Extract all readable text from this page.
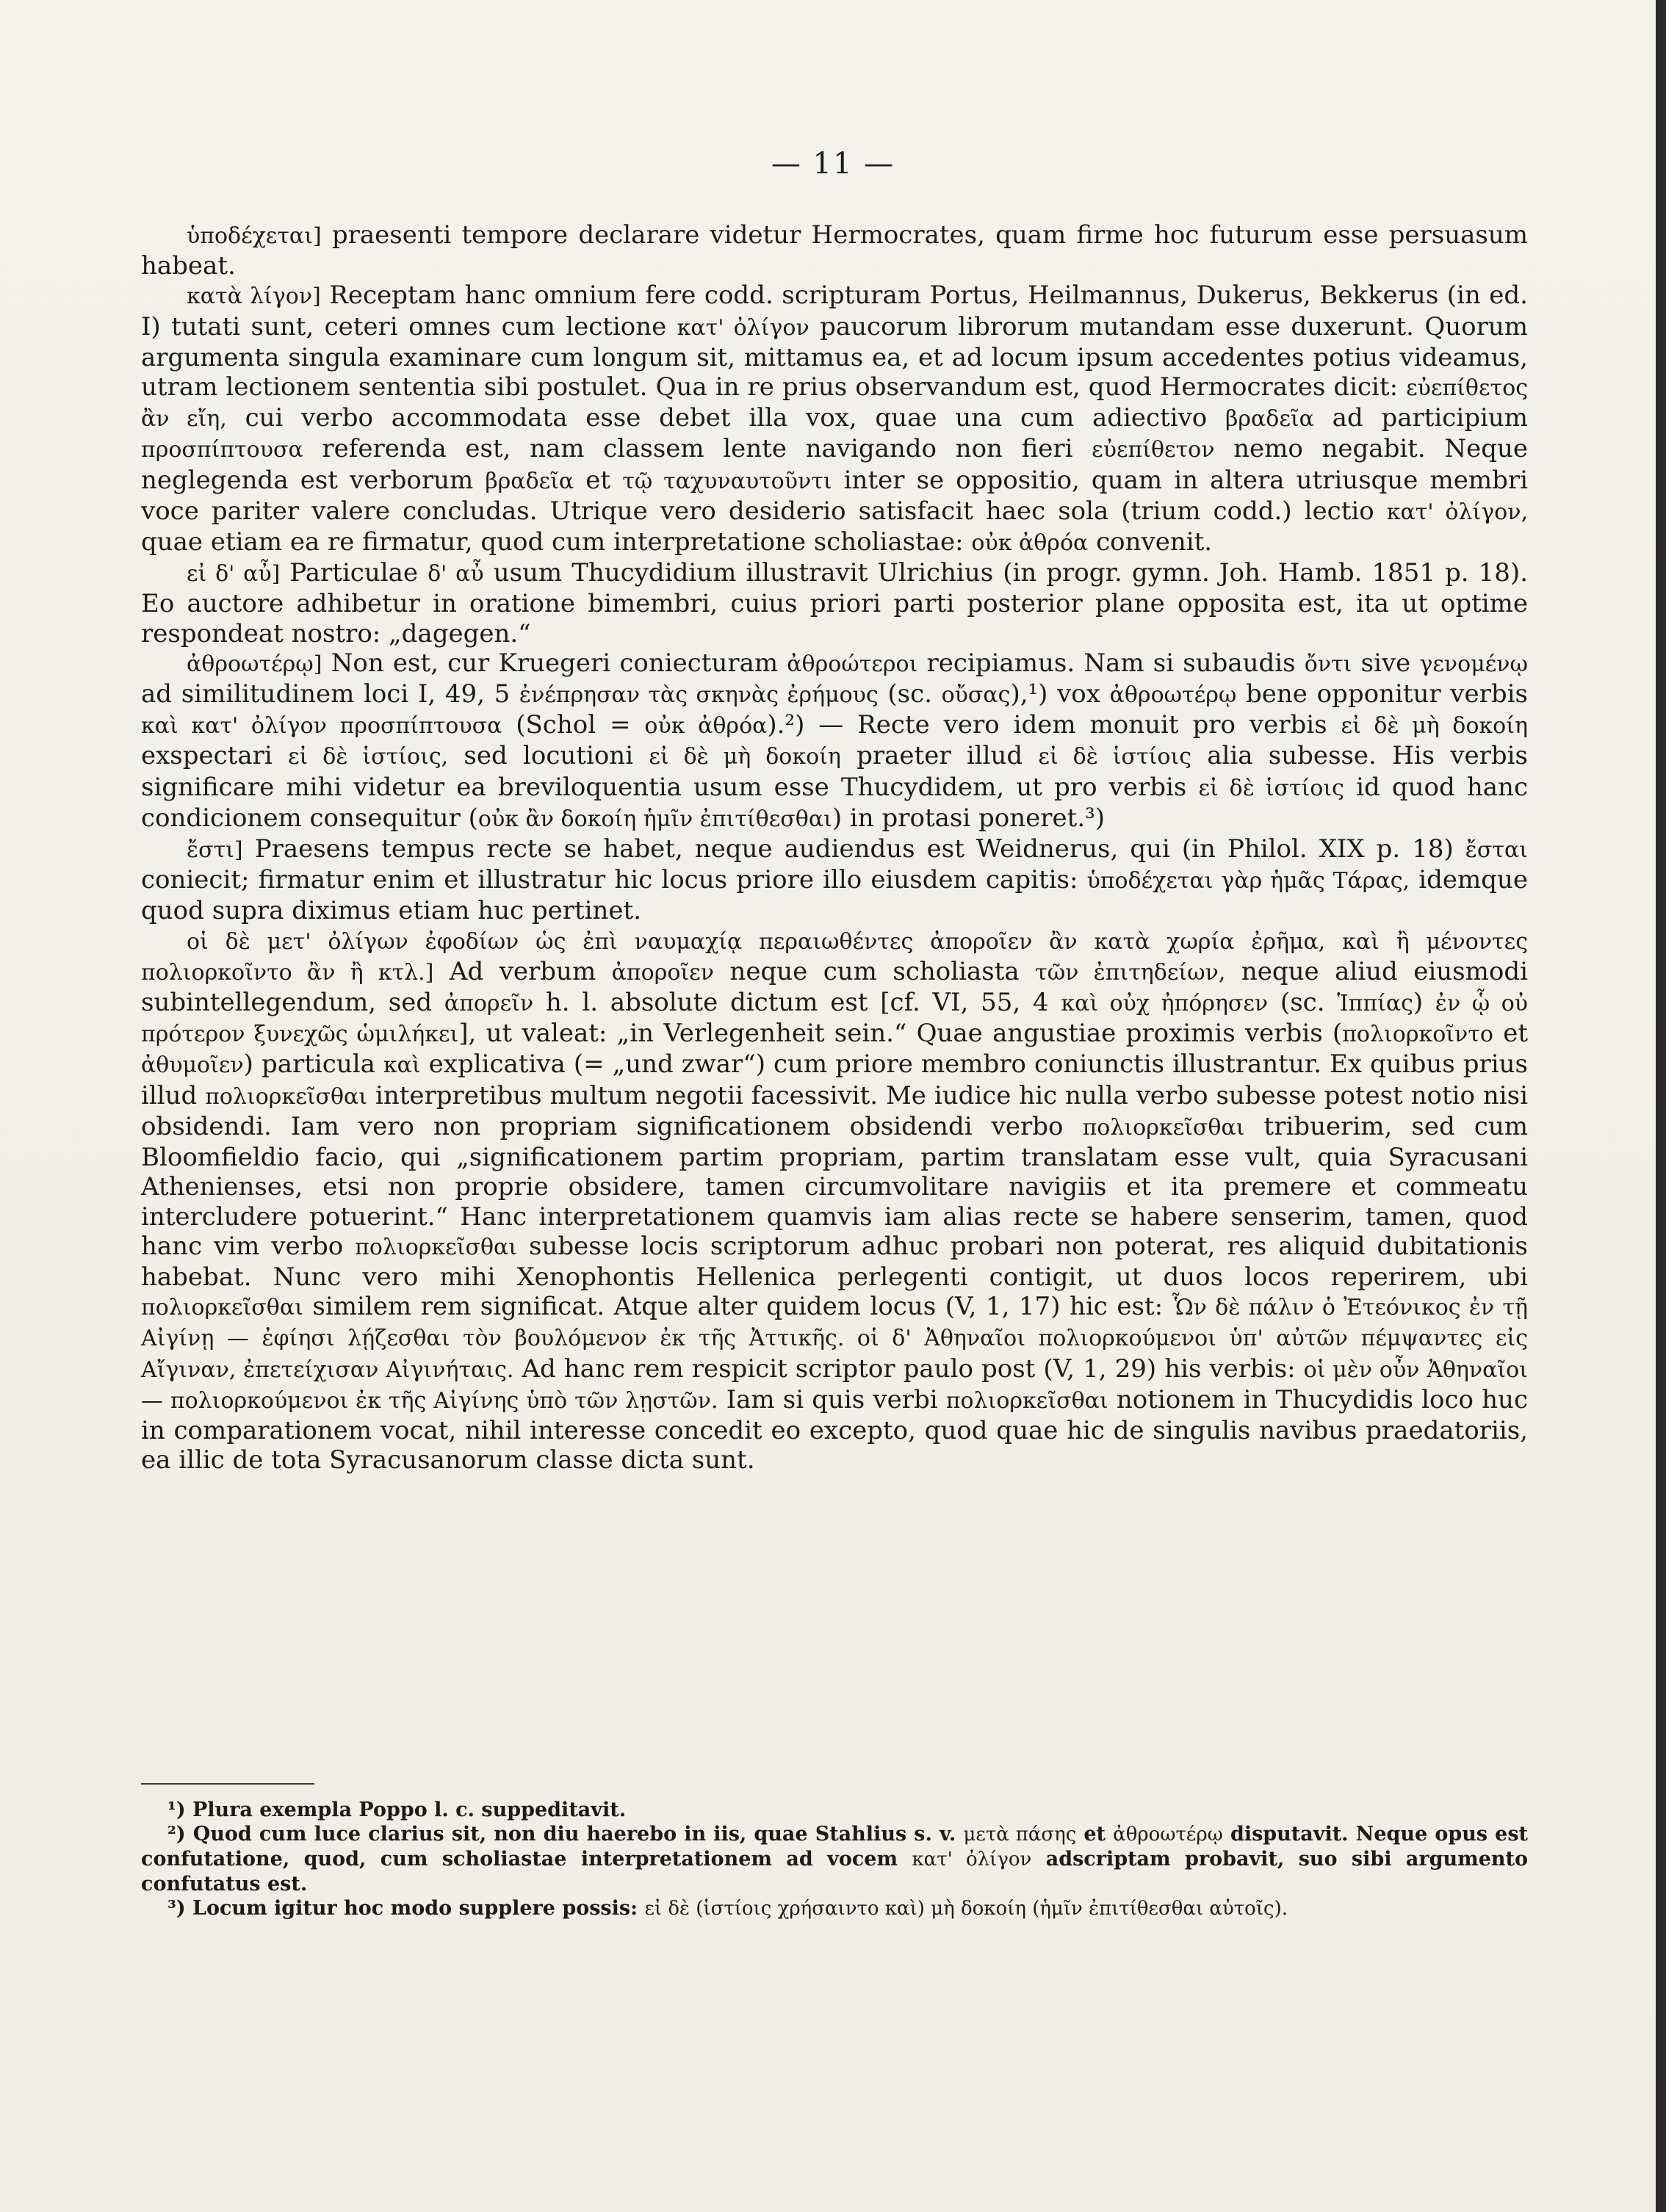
— 11 —

ὑποδέχεται] praesenti tempore declarare videtur Hermocrates, quam firme hoc futurum esse persuasum habeat.

κατὰ λίγον] Receptam hanc omnium fere codd. scripturam Portus, Heilmannus, Dukerus, Bekkerus (in ed. I) tutati sunt, ceteri omnes cum lectione κατ' ὀλίγον paucorum librorum mutandam esse duxerunt. Quorum argumenta singula examinare cum longum sit, mittamus ea, et ad locum ipsum accedentes potius videamus, utram lectionem sententia sibi postulet. Qua in re prius observandum est, quod Hermocrates dicit: εὐεπίθετος ἂν εἴη, cui verbo accommodata esse debet illa vox, quae una cum adiectivo βραδεῖα ad participium προσπίπτουσα referenda est, nam classem lente navigando non fieri εὐεπίθετον nemo negabit. Neque neglegenda est verborum βραδεῖα et τῷ ταχυναυτοῦντι inter se oppositio, quam in altera utriusque membri voce pariter valere concludas. Utrique vero desiderio satisfacit haec sola (trium codd.) lectio κατ' ὀλίγον, quae etiam ea re firmatur, quod cum interpretatione scholiastae: οὐκ ἀθρόα convenit.

εἰ δ' αὖ] Particulae δ' αὖ usum Thucydidium illustravit Ulrichius (in progr. gymn. Joh. Hamb. 1851 p. 18). Eo auctore adhibetur in oratione bimembri, cuius priori parti posterior plane opposita est, ita ut optime respondeat nostro: „dagegen.“

ἀθροωτέρῳ] Non est, cur Kruegeri coniecturam ἀθροώτεροι recipiamus. Nam si subaudis ὄντι sive γενομένῳ ad similitudinem loci I, 49, 5 ἐνέπρησαν τὰς σκηνὰς ἐρήμους (sc. οὔσας),¹) vox ἀθροωτέρῳ bene opponitur verbis καὶ κατ' ὀλίγον προσπίπτουσα (Schol = οὐκ ἀθρόα).²) — Recte vero idem monuit pro verbis εἰ δὲ μὴ δοκοίη exspectari εἰ δὲ ἱστίοις, sed locutioni εἰ δὲ μὴ δοκοίη praeter illud εἰ δὲ ἱστίοις alia subesse. His verbis significare mihi videtur ea breviloquentia usum esse Thucydidem, ut pro verbis εἰ δὲ ἱστίοις id quod hanc condicionem consequitur (οὐκ ἂν δοκοίη ἡμῖν ἐπιτίθεσθαι) in protasi poneret.³)

ἔστι] Praesens tempus recte se habet, neque audiendus est Weidnerus, qui (in Philol. XIX p. 18) ἔσται coniecit; firmatur enim et illustratur hic locus priore illo eiusdem capitis: ὑποδέχεται γὰρ ἡμᾶς Τάρας, idemque quod supra diximus etiam huc pertinet.

οἱ δὲ μετ' ὀλίγων ἐφοδίων ὡς ἐπὶ ναυμαχίᾳ περαιωθέντες ἀποροῖεν ἂν κατὰ χωρία ἐρῆμα, καὶ ἢ μένοντες πολιορκοῖντο ἂν ἢ κτλ.] Ad verbum ἀποροῖεν neque cum scholiasta τῶν ἐπιτηδείων, neque aliud eiusmodi subintellegendum, sed ἀπορεῖν h. l. absolute dictum est [cf. VI, 55, 4 καὶ οὐχ ἠπόρησεν (sc. Ἱππίας) ἐν ᾧ οὐ πρότερον ξυνεχῶς ὡμιλήκει], ut valeat: „in Verlegenheit sein.“ Quae angustiae proximis verbis (πολιορκοῖντο et ἀθυμοῖεν) particula καὶ explicativa (= „und zwar“) cum priore membro coniunctis illustrantur. Ex quibus prius illud πολιορκεῖσθαι interpretibus multum negotii facessivit. Me iudice hic nulla verbo subesse potest notio nisi obsidendi. Iam vero non propriam significationem obsidendi verbo πολιορκεῖσθαι tribuerim, sed cum Bloomfieldio facio, qui „significationem partim propriam, partim translatam esse vult, quia Syracusani Athenienses, etsi non proprie obsidere, tamen circumvolitare navigiis et ita premere et commeatu intercludere potuerint.“ Hanc interpretationem quamvis iam alias recte se habere senserim, tamen, quod hanc vim verbo πολιορκεῖσθαι subesse locis scriptorum adhuc probari non poterat, res aliquid dubitationis habebat. Nunc vero mihi Xenophontis Hellenica perlegenti contigit, ut duos locos reperirem, ubi πολιορκεῖσθαι similem rem significat. Atque alter quidem locus (V, 1, 17) hic est: Ὧν δὲ πάλιν ὁ Ἐτεόνικος ἐν τῇ Αἰγίνῃ — ἐφίησι λῄζεσθαι τὸν βουλόμενον ἐκ τῆς Ἀττικῆς. οἱ δ' Ἀθηναῖοι πολιορκούμενοι ὑπ' αὐτῶν πέμψαντες εἰς Αἴγιναν, ἐπετείχισαν Αἰγινήταις. Ad hanc rem respicit scriptor paulo post (V, 1, 29) his verbis: οἱ μὲν οὖν Ἀθηναῖοι — πολιορκούμενοι ἐκ τῆς Αἰγίνης ὑπὸ τῶν λῃστῶν. Iam si quis verbi πολιορκεῖσθαι notionem in Thucydidis loco huc in comparationem vocat, nihil interesse concedit eo excepto, quod quae hic de singulis navibus praedatoriis, ea illic de tota Syracusanorum classe dicta sunt.

¹) Plura exempla Poppo l. c. suppeditavit.

²) Quod cum luce clarius sit, non diu haerebo in iis, quae Stahlius s. v. μετὰ πάσης et ἀθροωτέρῳ disputavit. Neque opus est confutatione, quod, cum scholiastae interpretationem ad vocem κατ' ὀλίγον adscriptam probavit, suo sibi argumento confutatus est.

³) Locum igitur hoc modo supplere possis: εἰ δὲ (ἱστίοις χρήσαιντο καὶ) μὴ δοκοίη (ἡμῖν ἐπιτίθεσθαι αὐτοῖς).
